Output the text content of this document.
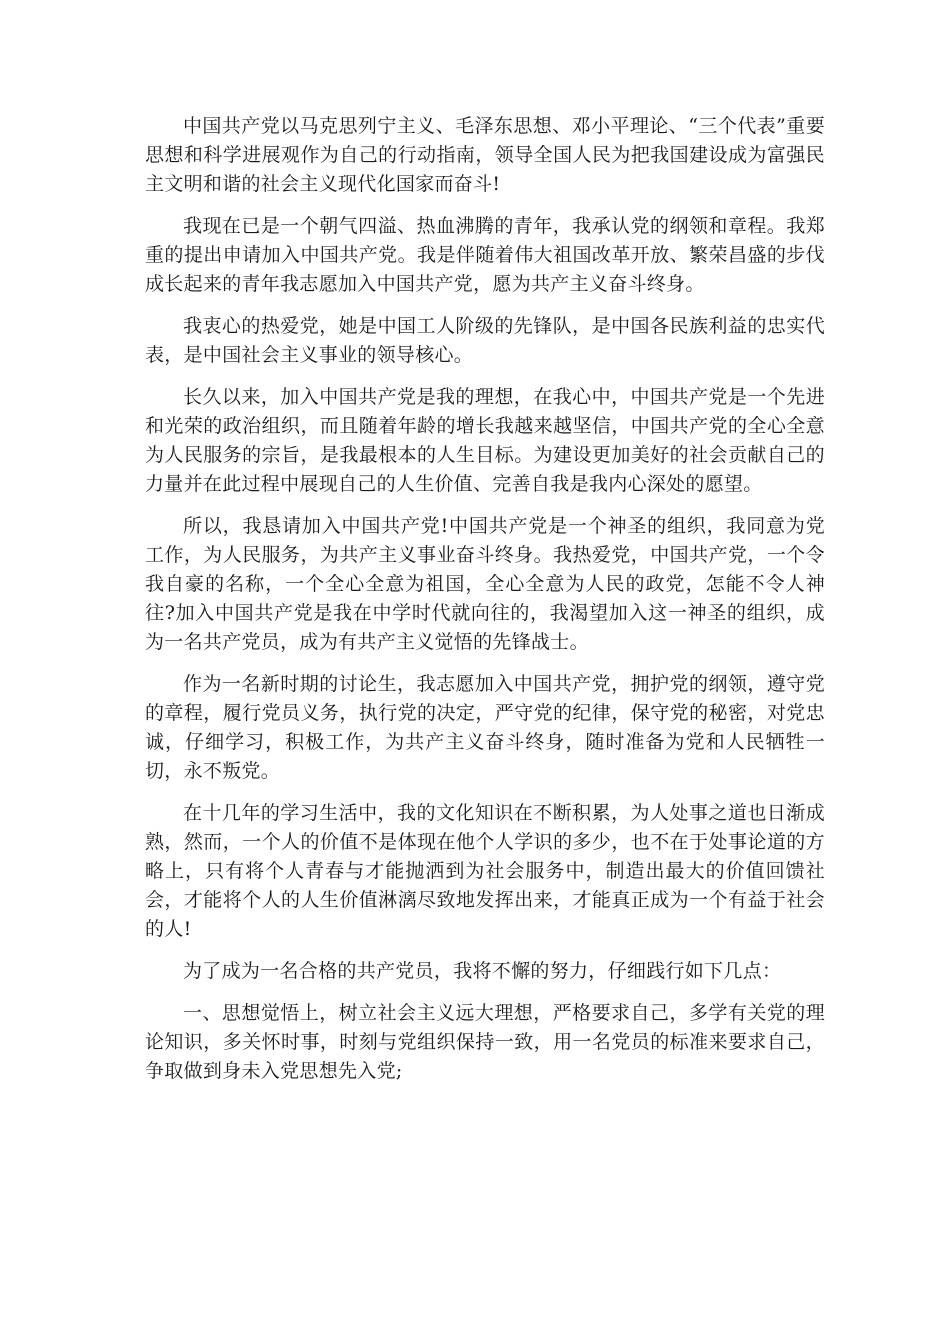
中国共产党以马克思列宁主义、毛泽东思想、邓小平理论、“三个代表”重要思想和科学进展观作为自己的行动指南，领导全国人民为把我国建设成为富强民主文明和谐的社会主义现代化国家而奋斗!

我现在已是一个朝气四溢、热血沸腾的青年，我承认党的纲领和章程。我郑重的提出申请加入中国共产党。我是伴随着伟大祖国改革开放、繁荣昌盛的步伐成长起来的青年我志愿加入中国共产党，愿为共产主义奋斗终身。

我衷心的热爱党，她是中国工人阶级的先锋队，是中国各民族利益的忠实代表，是中国社会主义事业的领导核心。

长久以来，加入中国共产党是我的理想，在我心中，中国共产党是一个先进和光荣的政治组织，而且随着年龄的增长我越来越坚信，中国共产党的全心全意为人民服务的宗旨，是我最根本的人生目标。为建设更加美好的社会贡献自己的力量并在此过程中展现自己的人生价值、完善自我是我内心深处的愿望。

所以，我恳请加入中国共产党!中国共产党是一个神圣的组织，我同意为党工作，为人民服务，为共产主义事业奋斗终身。我热爱党，中国共产党，一个令我自豪的名称，一个全心全意为祖国，全心全意为人民的政党，怎能不令人神往?加入中国共产党是我在中学时代就向往的，我渴望加入这一神圣的组织，成为一名共产党员，成为有共产主义觉悟的先锋战士。

作为一名新时期的讨论生，我志愿加入中国共产党，拥护党的纲领，遵守党的章程，履行党员义务，执行党的决定，严守党的纪律，保守党的秘密，对党忠诚，仔细学习，积极工作，为共产主义奋斗终身，随时准备为党和人民牺牲一切，永不叛党。

在十几年的学习生活中，我的文化知识在不断积累，为人处事之道也日渐成熟，然而，一个人的价值不是体现在他个人学识的多少，也不在于处事论道的方略上，只有将个人青春与才能抛洒到为社会服务中，制造出最大的价值回馈社会，才能将个人的人生价值淋漓尽致地发挥出来，才能真正成为一个有益于社会的人!

为了成为一名合格的共产党员，我将不懈的努力，仔细践行如下几点：

一、思想觉悟上，树立社会主义远大理想，严格要求自己，多学有关党的理论知识，多关怀时事，时刻与党组织保持一致，用一名党员的标准来要求自己，争取做到身未入党思想先入党;
